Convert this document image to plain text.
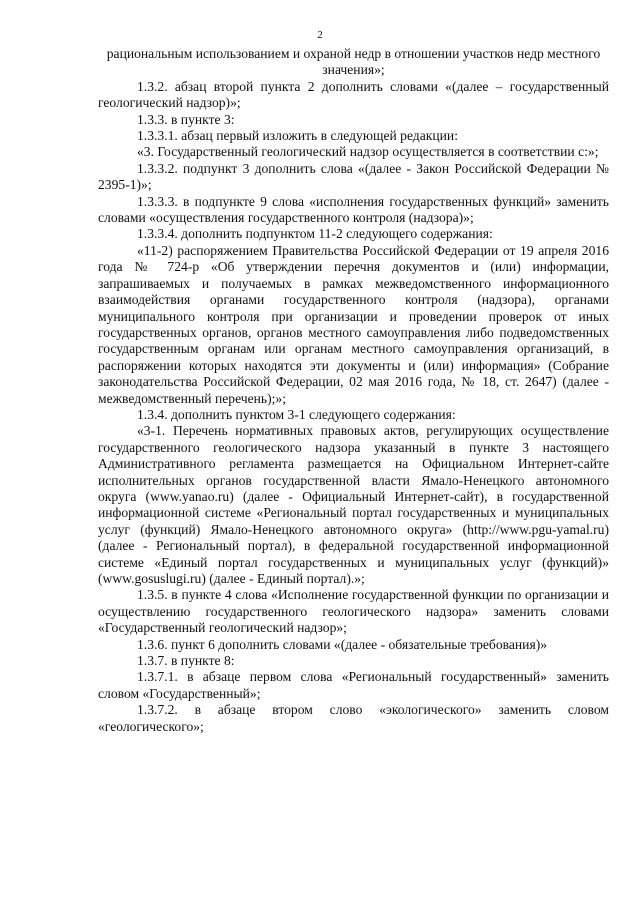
2

рациональным использованием и охраной недр в отношении участков недр местного значения»;

1.3.2. абзац второй пункта 2 дополнить словами «(далее – государственный геологический надзор)»;

1.3.3. в пункте 3:

1.3.3.1. абзац первый изложить в следующей редакции:

«3. Государственный геологический надзор осуществляется в соответствии с:»;

1.3.3.2. подпункт 3 дополнить слова «(далее - Закон Российской Федерации № 2395-1)»;

1.3.3.3. в подпункте 9 слова «исполнения государственных функций» заменить словами «осуществления государственного контроля (надзора)»;

1.3.3.4. дополнить подпунктом 11-2 следующего содержания:

«11-2) распоряжением Правительства Российской Федерации от 19 апреля 2016 года № 724-р «Об утверждении перечня документов и (или) информации, запрашиваемых и получаемых в рамках межведомственного информационного взаимодействия органами государственного контроля (надзора), органами муниципального контроля при организации и проведении проверок от иных государственных органов, органов местного самоуправления либо подведомственных государственным органам или органам местного самоуправления организаций, в распоряжении которых находятся эти документы и (или) информация» (Собрание законодательства Российской Федерации, 02 мая 2016 года, № 18, ст. 2647) (далее - межведомственный перечень);»;

1.3.4. дополнить пунктом 3-1 следующего содержания:

«3-1. Перечень нормативных правовых актов, регулирующих осуществление государственного геологического надзора указанный в пункте 3 настоящего Административного регламента размещается на Официальном Интернет-сайте исполнительных органов государственной власти Ямало-Ненецкого автономного округа (www.yanao.ru) (далее - Официальный Интернет-сайт), в государственной информационной системе «Региональный портал государственных и муниципальных услуг (функций) Ямало-Ненецкого автономного округа» (http://www.pgu-yamal.ru) (далее - Региональный портал), в федеральной государственной информационной системе «Единый портал государственных и муниципальных услуг (функций)» (www.gosuslugi.ru) (далее - Единый портал).»;

1.3.5. в пункте 4 слова «Исполнение государственной функции по организации и осуществлению государственного геологического надзора» заменить словами «Государственный геологический надзор»;

1.3.6. пункт 6 дополнить словами «(далее - обязательные требования)»

1.3.7. в пункте 8:

1.3.7.1. в абзаце первом слова «Региональный государственный» заменить словом «Государственный»;

1.3.7.2. в абзаце втором слово «экологического» заменить словом «геологического»;
